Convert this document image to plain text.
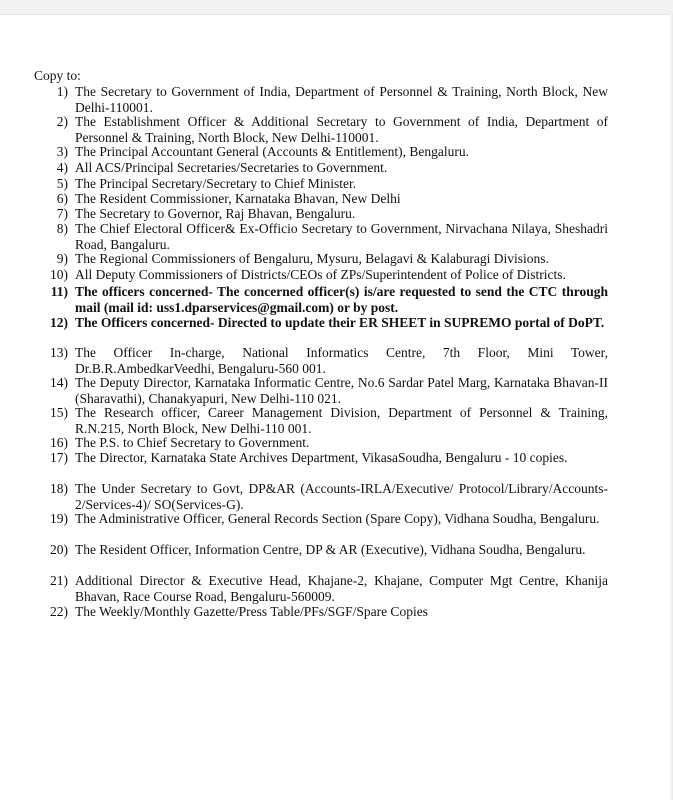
Copy to:
1) The Secretary to Government of India, Department of Personnel & Training, North Block, New Delhi-110001.
2) The Establishment Officer & Additional Secretary to Government of India, Department of Personnel & Training, North Block, New Delhi-110001.
3) The Principal Accountant General (Accounts & Entitlement), Bengaluru.
4) All ACS/Principal Secretaries/Secretaries to Government.
5) The Principal Secretary/Secretary to Chief Minister.
6) The Resident Commissioner, Karnataka Bhavan, New Delhi
7) The Secretary to Governor, Raj Bhavan, Bengaluru.
8) The Chief Electoral Officer& Ex-Officio Secretary to Government, Nirvachana Nilaya, Sheshadri Road, Bangaluru.
9) The Regional Commissioners of Bengaluru, Mysuru, Belagavi & Kalaburagi Divisions.
10) All Deputy Commissioners of Districts/CEOs of ZPs/Superintendent of Police of Districts.
11) The officers concerned- The concerned officer(s) is/are requested to send the CTC through mail (mail id: uss1.dparservices@gmail.com) or by post.
12) The Officers concerned- Directed to update their ER SHEET in SUPREMO portal of DoPT.
13) The Officer In-charge, National Informatics Centre, 7th Floor, Mini Tower, Dr.B.R.AmbedkarVeedhi, Bengaluru-560 001.
14) The Deputy Director, Karnataka Informatic Centre, No.6 Sardar Patel Marg, Karnataka Bhavan-II (Sharavathi), Chanakyapuri, New Delhi-110 021.
15) The Research officer, Career Management Division, Department of Personnel & Training, R.N.215, North Block, New Delhi-110 001.
16) The P.S. to Chief Secretary to Government.
17) The Director, Karnataka State Archives Department, VikasaSoudha, Bengaluru - 10 copies.
18) The Under Secretary to Govt, DP&AR (Accounts-IRLA/Executive/ Protocol/Library/Accounts-2/Services-4)/ SO(Services-G).
19) The Administrative Officer, General Records Section (Spare Copy), Vidhana Soudha, Bengaluru.
20) The Resident Officer, Information Centre, DP & AR (Executive), Vidhana Soudha, Bengaluru.
21) Additional Director & Executive Head, Khajane-2, Khajane, Computer Mgt Centre, Khanija Bhavan, Race Course Road, Bengaluru-560009.
22) The Weekly/Monthly Gazette/Press Table/PFs/SGF/Spare Copies
